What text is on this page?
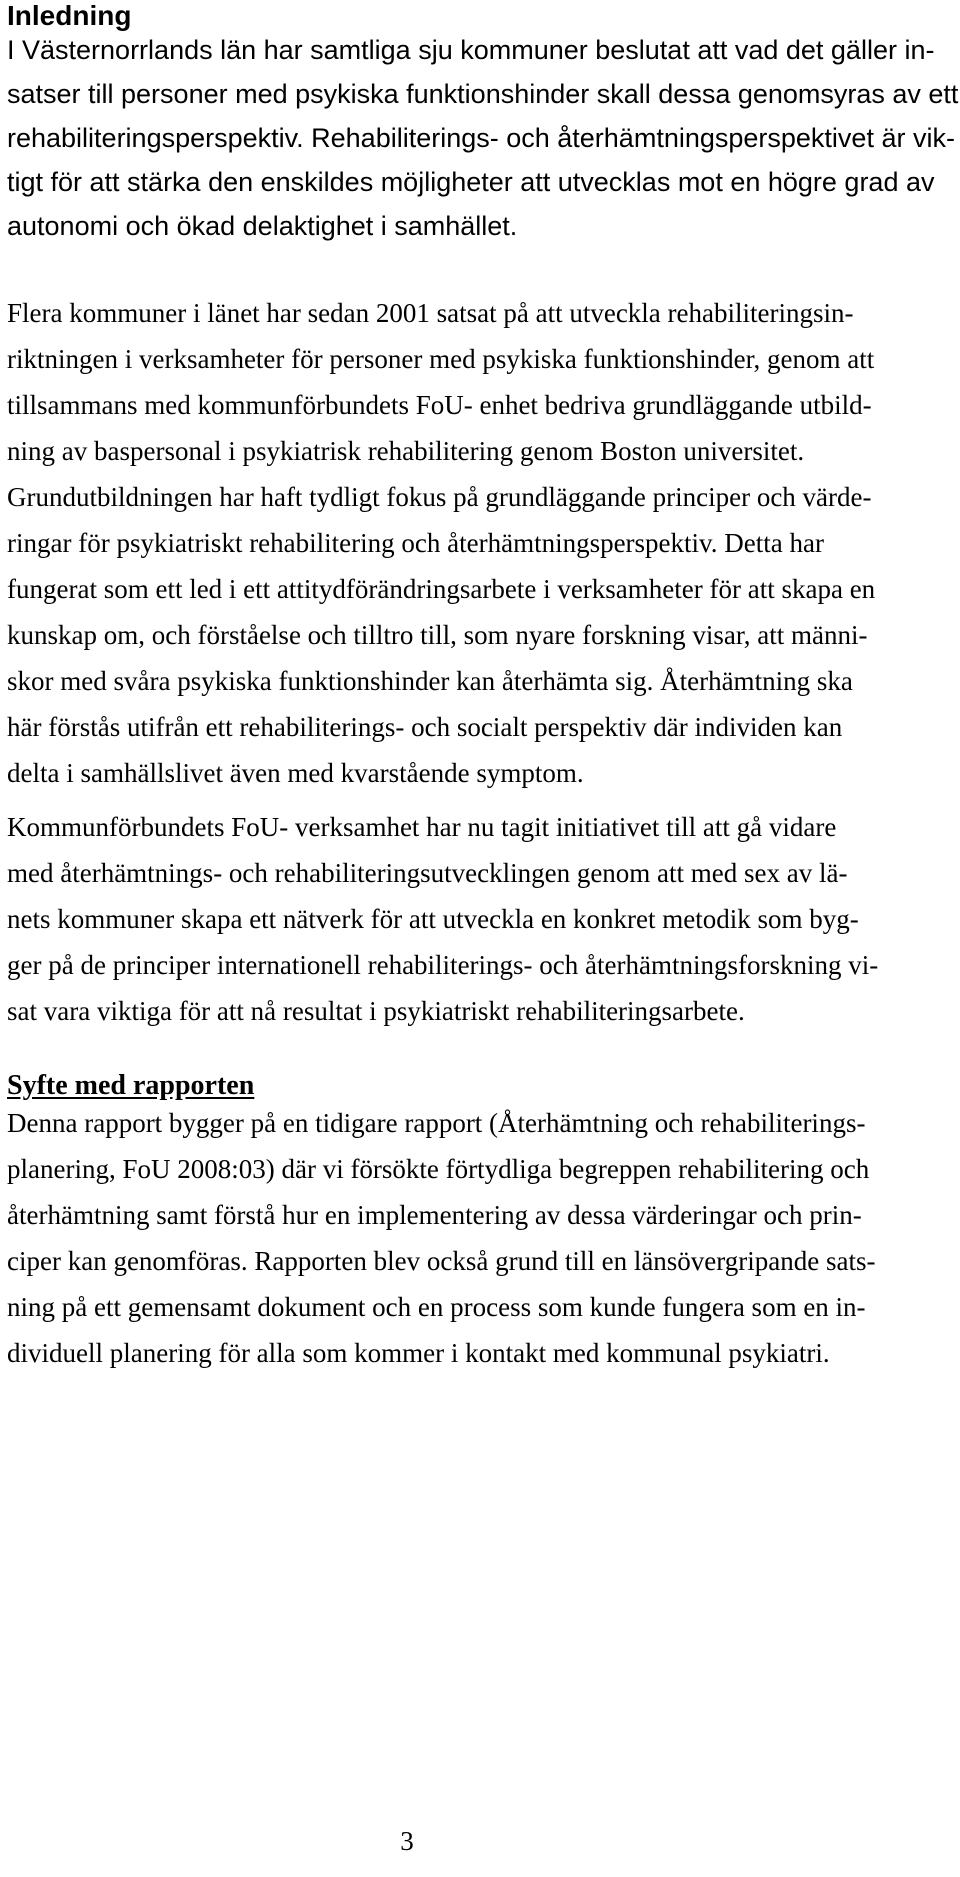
Inledning

I Västernorrlands län har samtliga sju kommuner beslutat att vad det gäller in-
satser till personer med psykiska funktionshinder skall dessa genomsyras av ett
rehabiliteringsperspektiv. Rehabiliterings- och återhämtningsperspektivet är vik-
tigt för att stärka den enskildes möjligheter att utvecklas mot en högre grad av
autonomi och ökad delaktighet i samhället.

Flera kommuner i länet har sedan 2001 satsat på att utveckla rehabiliteringsin-
riktningen i verksamheter för personer med psykiska funktionshinder, genom att
tillsammans med kommunförbundets FoU- enhet bedriva grundläggande utbild-
ning av baspersonal i psykiatrisk rehabilitering genom Boston universitet.
Grundutbildningen har haft tydligt fokus på grundläggande principer och värde-
ringar för psykiatriskt rehabilitering och återhämtningsperspektiv. Detta har
fungerat som ett led i ett attitydförändringsarbete i verksamheter för att skapa en
kunskap om, och förståelse och tilltro till, som nyare forskning visar, att männi-
skor med svåra psykiska funktionshinder kan återhämta sig. Återhämtning ska
här förstås utifrån ett rehabiliterings- och socialt perspektiv där individen kan
delta i samhällslivet även med kvarstående symptom.

Kommunförbundets FoU- verksamhet har nu tagit initiativet till att gå vidare
med återhämtnings- och rehabiliteringsutvecklingen genom att med sex av lä-
nets kommuner skapa ett nätverk för att utveckla en konkret metodik som byg-
ger på de principer internationell rehabiliterings- och återhämtningsforskning vi-
sat vara viktiga för att nå resultat i psykiatriskt rehabiliteringsarbete.

Syfte med rapporten

Denna rapport bygger på en tidigare rapport (Återhämtning och rehabiliterings-
planering, FoU 2008:03) där vi försökte förtydliga begreppen rehabilitering och
återhämtning samt förstå hur en implementering av dessa värderingar och prin-
ciper kan genomföras. Rapporten blev också grund till en länsövergripande sats-
ning på ett gemensamt dokument och en process som kunde fungera som en in-
dividuell planering för alla som kommer i kontakt med kommunal psykiatri.

3
